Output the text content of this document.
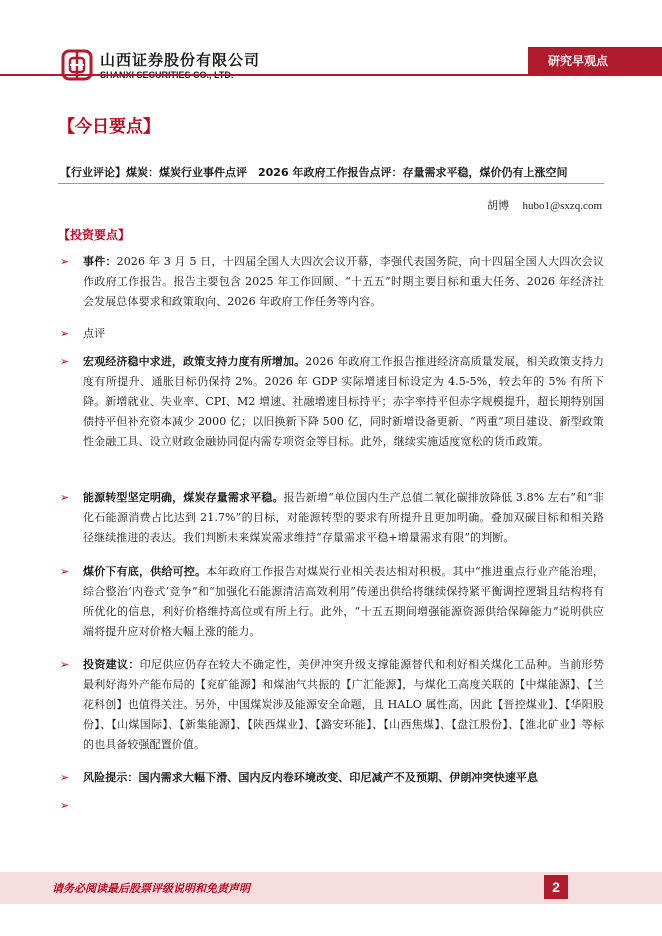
山西证券股份有限公司	研究早观点
【今日要点】
【行业评论】煤炭：煤炭行业事件点评　2026 年政府工作报告点评：存量需求平稳，煤价仍有上涨空间
胡博 hubo1@sxzq.com
【投资要点】
➢ 事件：2026 年 3 月 5 日，十四届全国人大四次会议开幕，李强代表国务院，向十四届全国人大四次会议作政府工作报告。报告主要包含 2025 年工作回顾、“十五五”时期主要目标和重大任务、2026 年经济社会发展总体要求和政策取向、2026 年政府工作任务等内容。
➢ 点评
➢ 宏观经济稳中求进，政策支持力度有所增加。2026 年政府工作报告推进经济高质量发展，相关政策支持力度有所提升、通胀目标仍保持 2%。2026 年 GDP 实际增速目标设定为 4.5-5%，较去年的 5% 有所下降。新增就业、失业率、CPI、M2 增速、社融增速目标持平；赤字率持平但赤字规模提升，超长期特别国债持平但补充资本减少 2000 亿；以旧换新下降 500 亿，同时新增设备更新、“两重”项目建设、新型政策性金融工具、设立财政金融协同促内需专项资金等目标。此外，继续实施适度宽松的货币政策。
➢ 能源转型坚定明确，煤炭存量需求平稳。报告新增“单位国内生产总值二氧化碳排放降低 3.8% 左右”和“非化石能源消费占比达到 21.7%”的目标，对能源转型的要求有所提升且更加明确。叠加双碳目标和相关路径继续推进的表达。我们判断未来煤炭需求维持“存量需求平稳+增量需求有限”的判断。
➢ 煤价下有底，供给可控。本年政府工作报告对煤炭行业相关表达相对积极。其中“推进重点行业产能治理，综合整治‘内卷式’竞争”和“加强化石能源清洁高效利用”传递出供给将继续保持紧平衡调控逻辑且结构将有所优化的信息，利好价格维持高位或有所上行。此外，“十五五期间增强能源资源供给保障能力”说明供应端将提升应对价格大幅上涨的能力。
➢ 投资建议：印尼供应仍存在较大不确定性，美伊冲突升级支撑能源替代和利好相关煤化工品种。当前形势最利好海外产能布局的【兖矿能源】和煤油气共振的【广汇能源】，与煤化工高度关联的【中煤能源】、【兰花科创】也值得关注。另外，中国煤炭涉及能源安全命题，且 HALO 属性高，因此【晋控煤业】、【华阳股份】、【山煤国际】、【新集能源】、【陕西煤业】、【潞安环能】、【山西焦煤】、【盘江股份】、【淮北矿业】等标的也具备较强配置价值。
➢ 风险提示：国内需求大幅下滑、国内反内卷环境改变、印尼减产不及预期、伊朗冲突快速平息
➢
请务必阅读最后股票评级说明和免责声明	2
